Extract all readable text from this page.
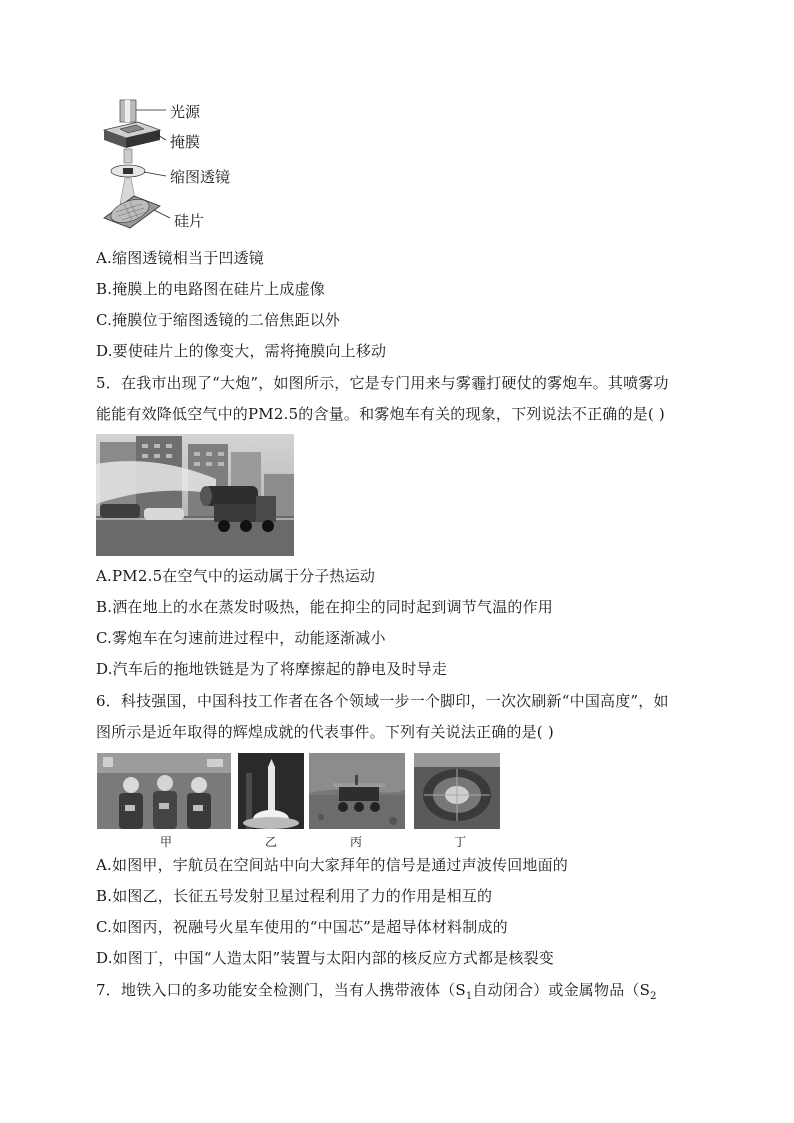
光源
掩膜
缩图透镜
硅片
A.缩图透镜相当于凹透镜
B.掩膜上的电路图在硅片上成虚像
C.掩膜位于缩图透镜的二倍焦距以外
D.要使硅片上的像变大，需将掩膜向上移动
5．在我市出现了“大炮”，如图所示，它是专门用来与雾霾打硬仗的雾炮车。其喷雾功
能能有效降低空气中的PM2.5的含量。和雾炮车有关的现象，下列说法不正确的是( )
A.PM2.5在空气中的运动属于分子热运动
B.洒在地上的水在蒸发时吸热，能在抑尘的同时起到调节气温的作用
C.雾炮车在匀速前进过程中，动能逐渐减小
D.汽车后的拖地铁链是为了将摩擦起的静电及时导走
6．科技强国，中国科技工作者在各个领域一步一个脚印，一次次刷新“中国高度”，如
图所示是近年取得的辉煌成就的代表事件。下列有关说法正确的是( )
甲	乙	丙	丁
A.如图甲，宇航员在空间站中向大家拜年的信号是通过声波传回地面的
B.如图乙，长征五号发射卫星过程利用了力的作用是相互的
C.如图丙，祝融号火星车使用的“中国芯”是超导体材料制成的
D.如图丁，中国“人造太阳”装置与太阳内部的核反应方式都是核裂变
7．地铁入口的多功能安全检测门，当有人携带液体（$S_1$自动闭合）或金属物品（$S_2$
